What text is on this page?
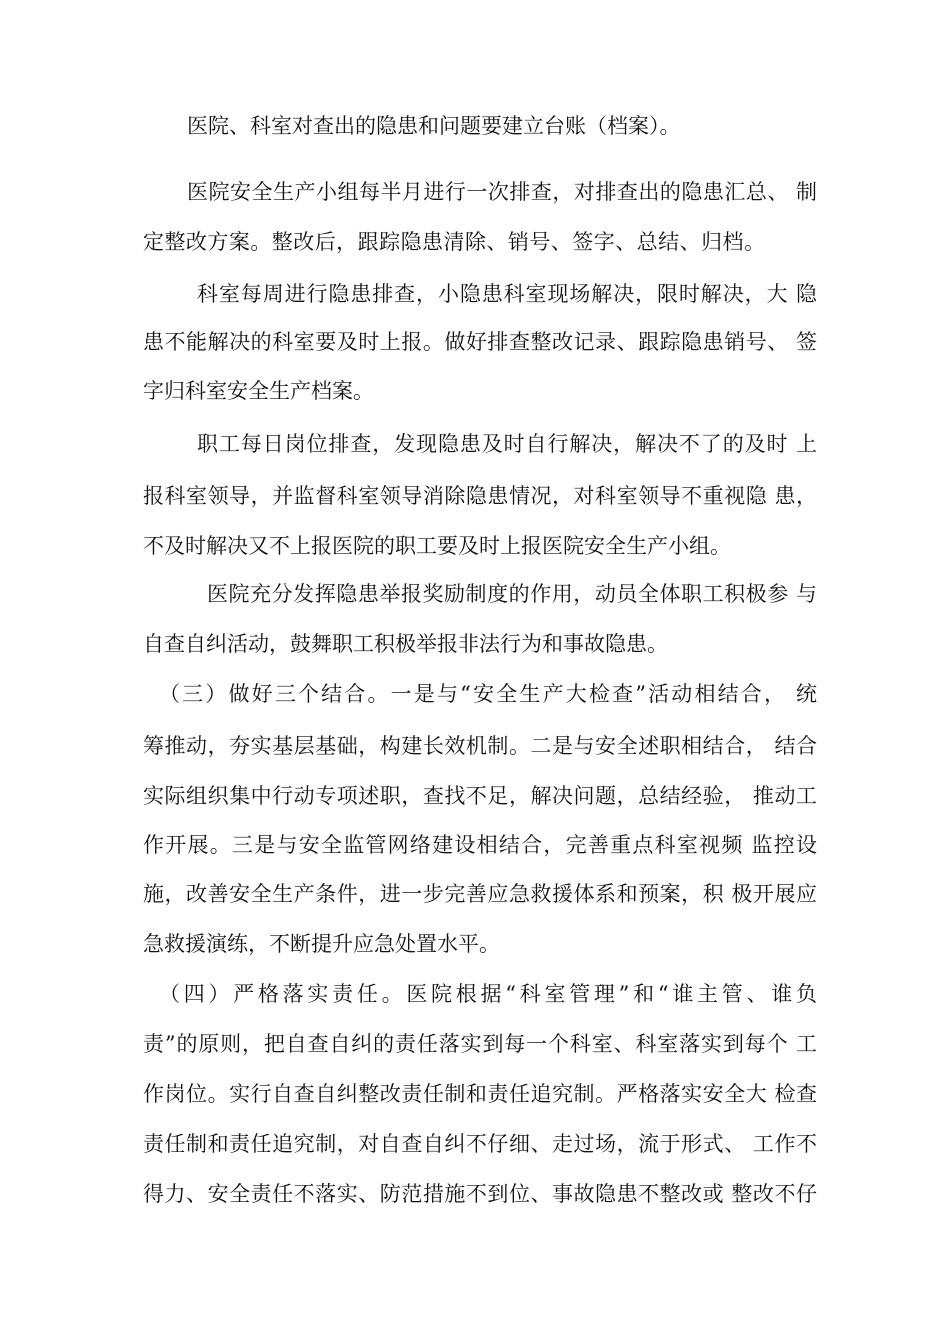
医院、科室对查出的隐患和问题要建立台账（档案）。
医院安全生产小组每半月进行一次排查，对排查出的隐患汇总、 制
定整改方案。整改后，跟踪隐患清除、销号、签字、总结、归档。
科室每周进行隐患排查，小隐患科室现场解决，限时解决，大 隐
患不能解决的科室要及时上报。做好排查整改记录、跟踪隐患销号、 签
字归科室安全生产档案。
职工每日岗位排查，发现隐患及时自行解决，解决不了的及时 上
报科室领导，并监督科室领导消除隐患情况，对科室领导不重视隐 患，
不及时解决又不上报医院的职工要及时上报医院安全生产小组。
医院充分发挥隐患举报奖励制度的作用，动员全体职工积极参 与
自查自纠活动，鼓舞职工积极举报非法行为和事故隐患。
（三）做好三个结合。一是与“安全生产大检查”活动相结合， 统
筹推动，夯实基层基础，构建长效机制。二是与安全述职相结合， 结合
实际组织集中行动专项述职，查找不足，解决问题，总结经验， 推动工
作开展。三是与安全监管网络建设相结合，完善重点科室视频 监控设
施，改善安全生产条件，进一步完善应急救援体系和预案，积 极开展应
急救援演练，不断提升应急处置水平。
（四）严格落实责任。医院根据“科室管理”和“谁主管、谁负
责”的原则，把自查自纠的责任落实到每一个科室、科室落实到每个 工
作岗位。实行自查自纠整改责任制和责任追究制。严格落实安全大 检查
责任制和责任追究制，对自查自纠不仔细、走过场，流于形式、 工作不
得力、安全责任不落实、防范措施不到位、事故隐患不整改或 整改不仔
